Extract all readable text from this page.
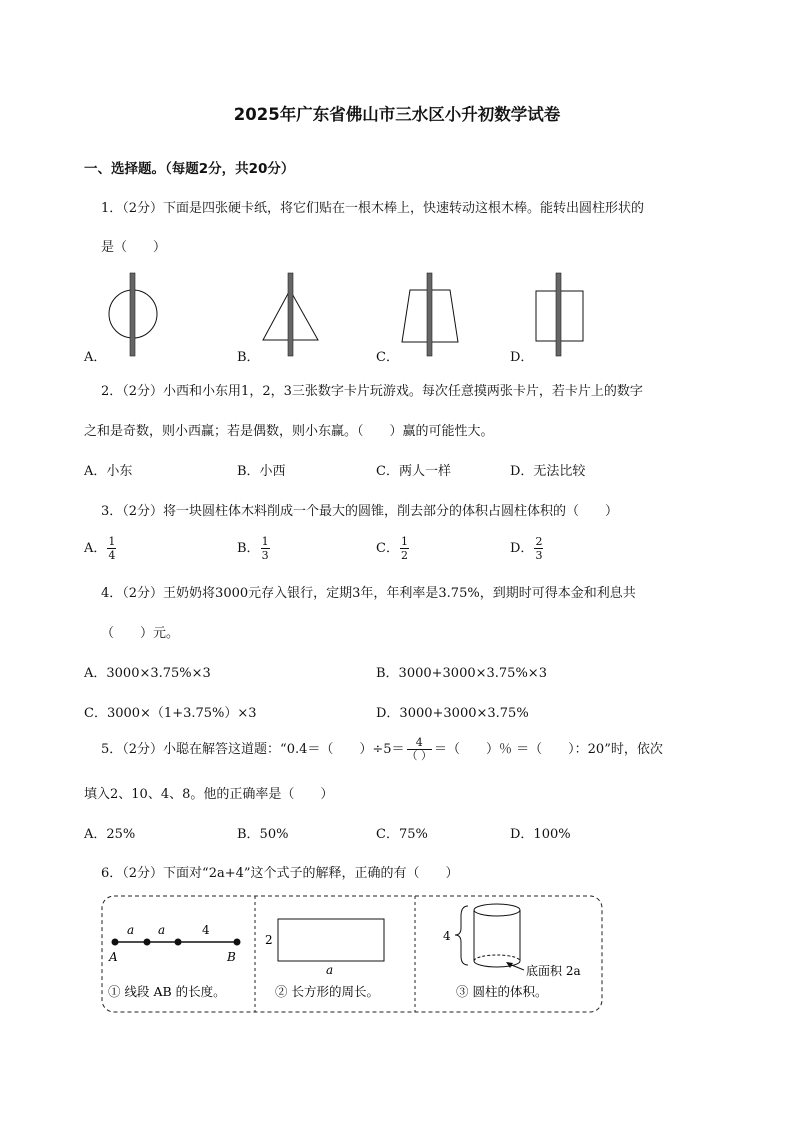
2025年广东省佛山市三水区小升初数学试卷
一、选择题。（每题2分，共20分）
1．（2分）下面是四张硬卡纸，将它们贴在一根木棒上，快速转动这根木棒。能转出圆柱形状的
是（　　）
A．	B．	C．	D．
2．（2分）小西和小东用1，2，3三张数字卡片玩游戏。每次任意摸两张卡片，若卡片上的数字
之和是奇数，则小西赢；若是偶数，则小东赢。（　　）赢的可能性大。
A．小东	B．小西	C．两人一样	D．无法比较
3．（2分）将一块圆柱体木料削成一个最大的圆锥，削去部分的体积占圆柱体积的（　　）
A． $\frac{1}{4}$	B． $\frac{1}{3}$	C． $\frac{1}{2}$	D． $\frac{2}{3}$
4．（2分）王奶奶将3000元存入银行，定期3年，年利率是3.75%，到期时可得本金和利息共
（　　）元。
A．3000×3.75%×3	B．3000+3000×3.75%×3
C．3000×（1+3.75%）×3	D．3000+3000×3.75%
5．（2分）小聪在解答这道题：“0.4＝（　　）$\div 5= \frac{4}{( )}$ ＝（　　）％ ＝（　　）：20”时，依次
填入2、10、4、8。他的正确率是（　　）
A．25%	B．50%	C．75%	D．100%
6．（2分）下面对“2a+4”这个式子的解释，正确的有（　　）
a a	4
A	B
① 线段 AB 的长度。
2
a
② 长方形的周长。
4
底面积 2a
③ 圆柱的体积。
